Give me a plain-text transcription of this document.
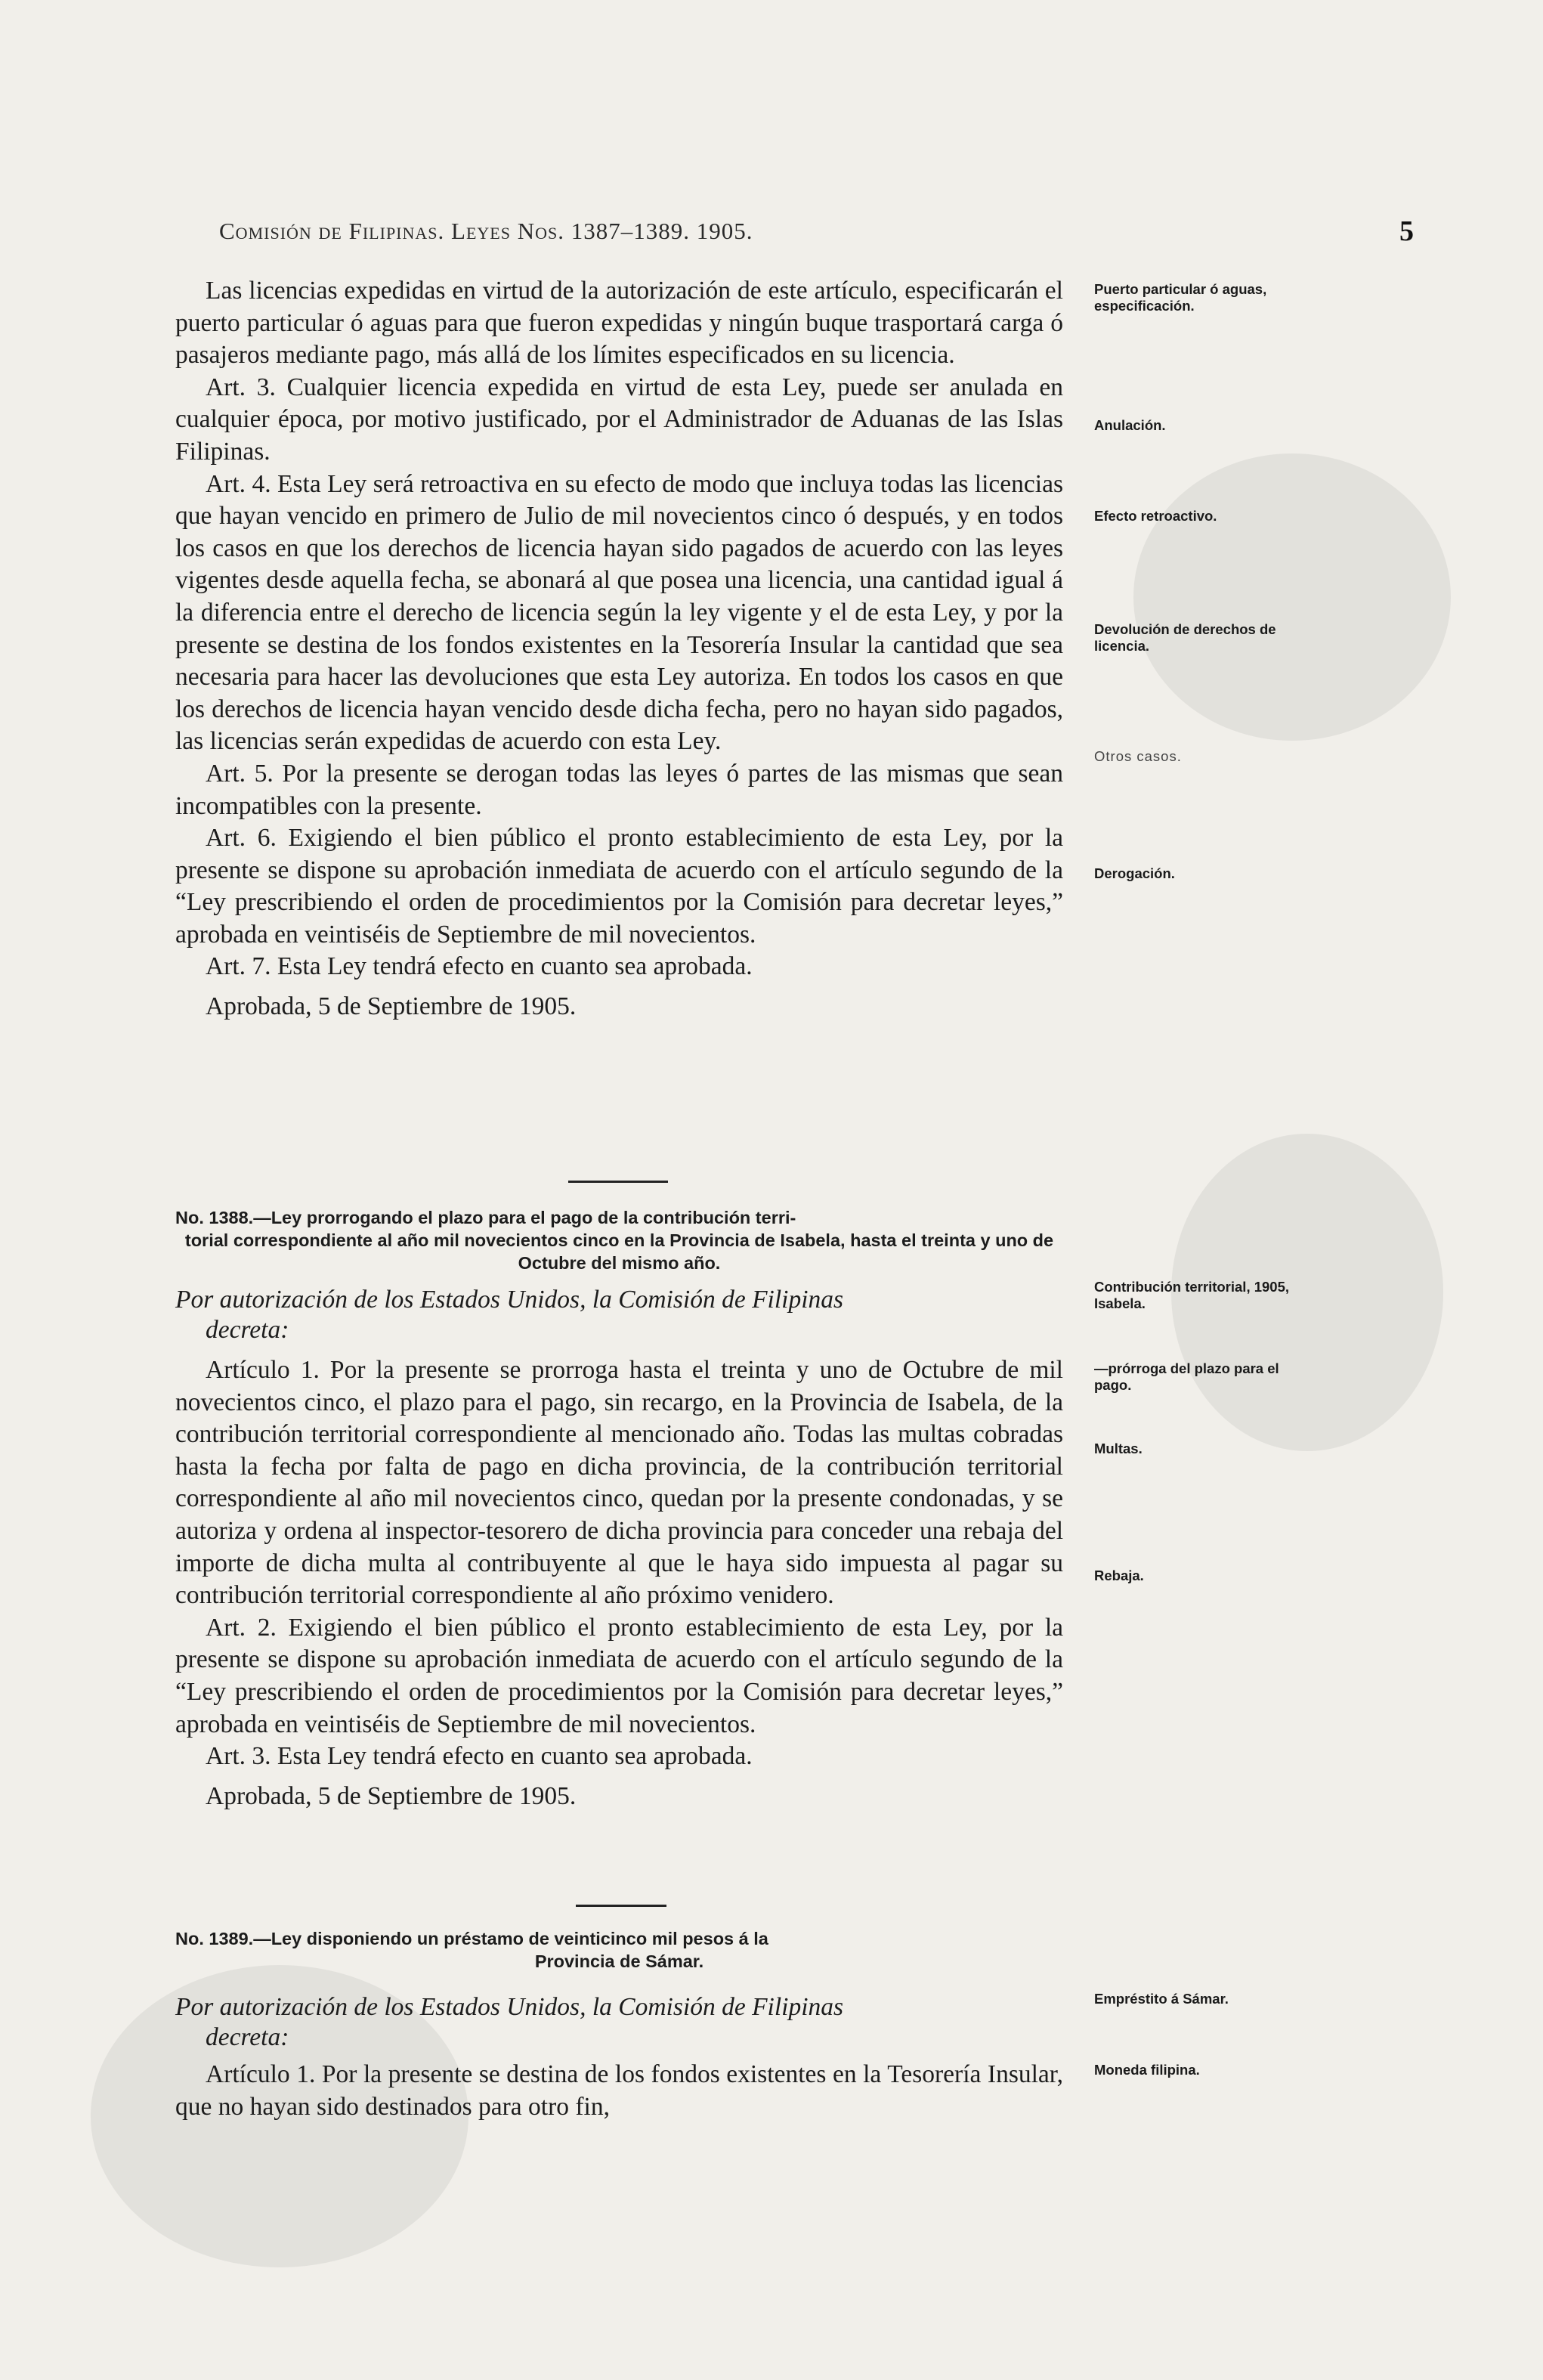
Comisión de Filipinas. Leyes Nos. 1387–1389. 1905.	5

Las licencias expedidas en virtud de la autorización de este artículo, especificarán el puerto particular ó aguas para que fueron expedidas y ningún buque trasportará carga ó pasajeros mediante pago, más allá de los límites especificados en su licencia.

Art. 3. Cualquier licencia expedida en virtud de esta Ley, puede ser anulada en cualquier época, por motivo justificado, por el Administrador de Aduanas de las Islas Filipinas.

Art. 4. Esta Ley será retroactiva en su efecto de modo que incluya todas las licencias que hayan vencido en primero de Julio de mil novecientos cinco ó después, y en todos los casos en que los derechos de licencia hayan sido pagados de acuerdo con las leyes vigentes desde aquella fecha, se abonará al que posea una licencia, una cantidad igual á la diferencia entre el derecho de licencia según la ley vigente y el de esta Ley, y por la presente se destina de los fondos existentes en la Tesorería Insular la cantidad que sea necesaria para hacer las devoluciones que esta Ley autoriza. En todos los casos en que los derechos de licencia hayan vencido desde dicha fecha, pero no hayan sido pagados, las licencias serán expedidas de acuerdo con esta Ley.

Art. 5. Por la presente se derogan todas las leyes ó partes de las mismas que sean incompatibles con la presente.

Art. 6. Exigiendo el bien público el pronto establecimiento de esta Ley, por la presente se dispone su aprobación inmediata de acuerdo con el artículo segundo de la “Ley prescribiendo el orden de procedimientos por la Comisión para decretar leyes,” aprobada en veintiséis de Septiembre de mil novecientos.

Art. 7. Esta Ley tendrá efecto en cuanto sea aprobada.

Aprobada, 5 de Septiembre de 1905.

Puerto particular ó aguas, especificación.
Anulación.
Efecto retroactivo.
Devolución de derechos de licencia.
Otros casos.
Derogación.
No. 1388.—Ley prorrogando el plazo para el pago de la contribución terri-
torial correspondiente al año mil novecientos cinco en la Provincia de Isabela, hasta el treinta y uno de Octubre del mismo año.
Por autorización de los Estados Unidos, la Comisión de Filipinas
decreta:

Artículo 1. Por la presente se prorroga hasta el treinta y uno de Octubre de mil novecientos cinco, el plazo para el pago, sin recargo, en la Provincia de Isabela, de la contribución territorial correspondiente al mencionado año. Todas las multas cobradas hasta la fecha por falta de pago en dicha provincia, de la contribución territorial correspondiente al año mil novecientos cinco, quedan por la presente condonadas, y se autoriza y ordena al inspector-tesorero de dicha provincia para conceder una rebaja del importe de dicha multa al contribuyente al que le haya sido impuesta al pagar su contribución territorial correspondiente al año próximo venidero.

Art. 2. Exigiendo el bien público el pronto establecimiento de esta Ley, por la presente se dispone su aprobación inmediata de acuerdo con el artículo segundo de la “Ley prescribiendo el orden de procedimientos por la Comisión para decretar leyes,” aprobada en veintiséis de Septiembre de mil novecientos.

Art. 3. Esta Ley tendrá efecto en cuanto sea aprobada.

Aprobada, 5 de Septiembre de 1905.

Contribución territorial, 1905, Isabela.
—prórroga del plazo para el pago.
Multas.
Rebaja.
No. 1389.—Ley disponiendo un préstamo de veinticinco mil pesos á la
Provincia de Sámar.
Por autorización de los Estados Unidos, la Comisión de Filipinas
decreta:

Artículo 1. Por la presente se destina de los fondos existentes en la Tesorería Insular, que no hayan sido destinados para otro fin,

Empréstito á Sámar.
Moneda filipina.
